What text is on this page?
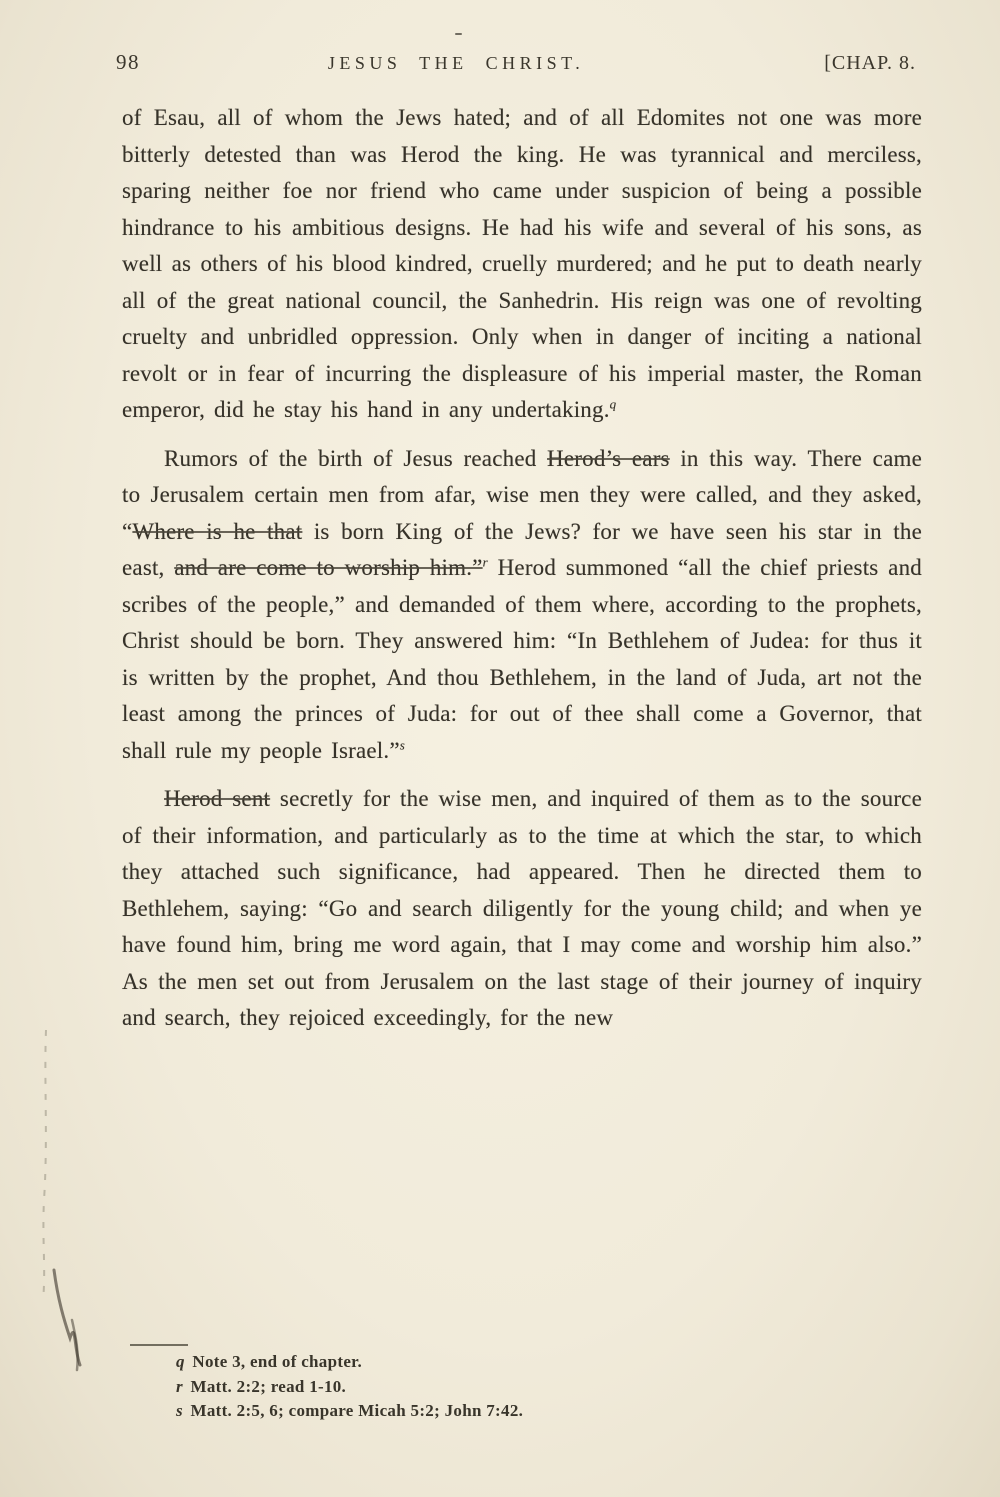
98	JESUS THE CHRIST.	[CHAP. 8.

of Esau, all of whom the Jews hated; and of all Edomites not one was more bitterly detested than was Herod the king. He was tyrannical and merciless, sparing neither foe nor friend who came under suspicion of being a possible hindrance to his ambitious designs. He had his wife and several of his sons, as well as others of his blood kindred, cruelly murdered; and he put to death nearly all of the great national council, the Sanhedrin. His reign was one of revolting cruelty and unbridled oppression. Only when in danger of inciting a national revolt or in fear of incurring the displeasure of his imperial master, the Roman emperor, did he stay his hand in any undertaking.$^q$

Rumors of the birth of Jesus reached Herod’s ears in this way. There came to Jerusalem certain men from afar, wise men they were called, and they asked, “Where is he that is born King of the Jews? for we have seen his star in the east, and are come to worship him.”$^r$ Herod summoned “all the chief priests and scribes of the people,” and demanded of them where, according to the prophets, Christ should be born. They answered him: “In Bethlehem of Judea: for thus it is written by the prophet, And thou Bethlehem, in the land of Juda, art not the least among the princes of Juda: for out of thee shall come a Governor, that shall rule my people Israel.”$^s$

Herod sent secretly for the wise men, and inquired of them as to the source of their information, and particularly as to the time at which the star, to which they attached such significance, had appeared. Then he directed them to Bethlehem, saying: “Go and search diligently for the young child; and when ye have found him, bring me word again, that I may come and worship him also.” As the men set out from Jerusalem on the last stage of their journey of inquiry and search, they rejoiced exceedingly, for the new

q Note 3, end of chapter.
r Matt. 2:2; read 1-10.
s Matt. 2:5, 6; compare Micah 5:2; John 7:42.
